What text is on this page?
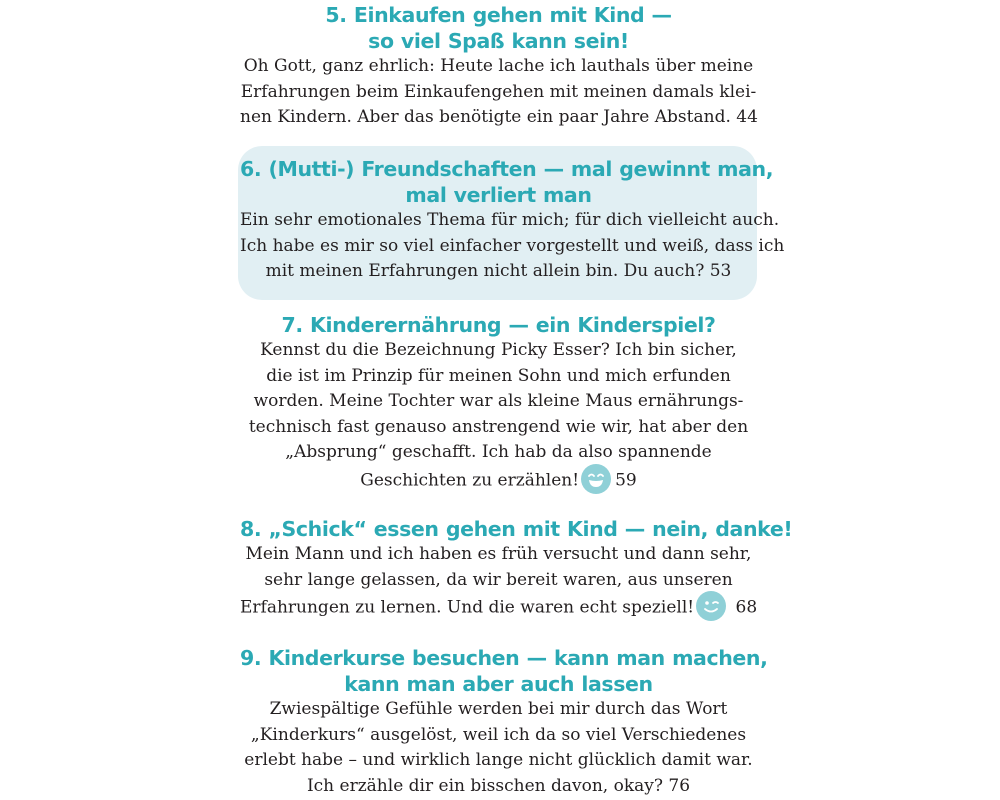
5. Einkaufen gehen mit Kind —
so viel Spaß kann sein!
Oh Gott, ganz ehrlich: Heute lache ich lauthals über meine
Erfahrungen beim Einkaufengehen mit meinen damals klei-
nen Kindern. Aber das benötigte ein paar Jahre Abstand. 44
6. (Mutti-) Freundschaften — mal gewinnt man,
mal verliert man
Ein sehr emotionales Thema für mich; für dich vielleicht auch.
Ich habe es mir so viel einfacher vorgestellt und weiß, dass ich
mit meinen Erfahrungen nicht allein bin. Du auch? 53
7. Kinderernährung — ein Kinderspiel?
Kennst du die Bezeichnung Picky Esser? Ich bin sicher,
die ist im Prinzip für meinen Sohn und mich erfunden
worden. Meine Tochter war als kleine Maus ernährungs-
technisch fast genauso anstrengend wie wir, hat aber den
„Absprung“ geschafft. Ich hab da also spannende
Geschichten zu erzählen! 59
8. „Schick“ essen gehen mit Kind — nein, danke!
Mein Mann und ich haben es früh versucht und dann sehr,
sehr lange gelassen, da wir bereit waren, aus unseren
Erfahrungen zu lernen. Und die waren echt speziell! 68
9. Kinderkurse besuchen — kann man machen,
kann man aber auch lassen
Zwiespältige Gefühle werden bei mir durch das Wort
„Kinderkurs“ ausgelöst, weil ich da so viel Verschiedenes
erlebt habe – und wirklich lange nicht glücklich damit war.
Ich erzähle dir ein bisschen davon, okay? 76
